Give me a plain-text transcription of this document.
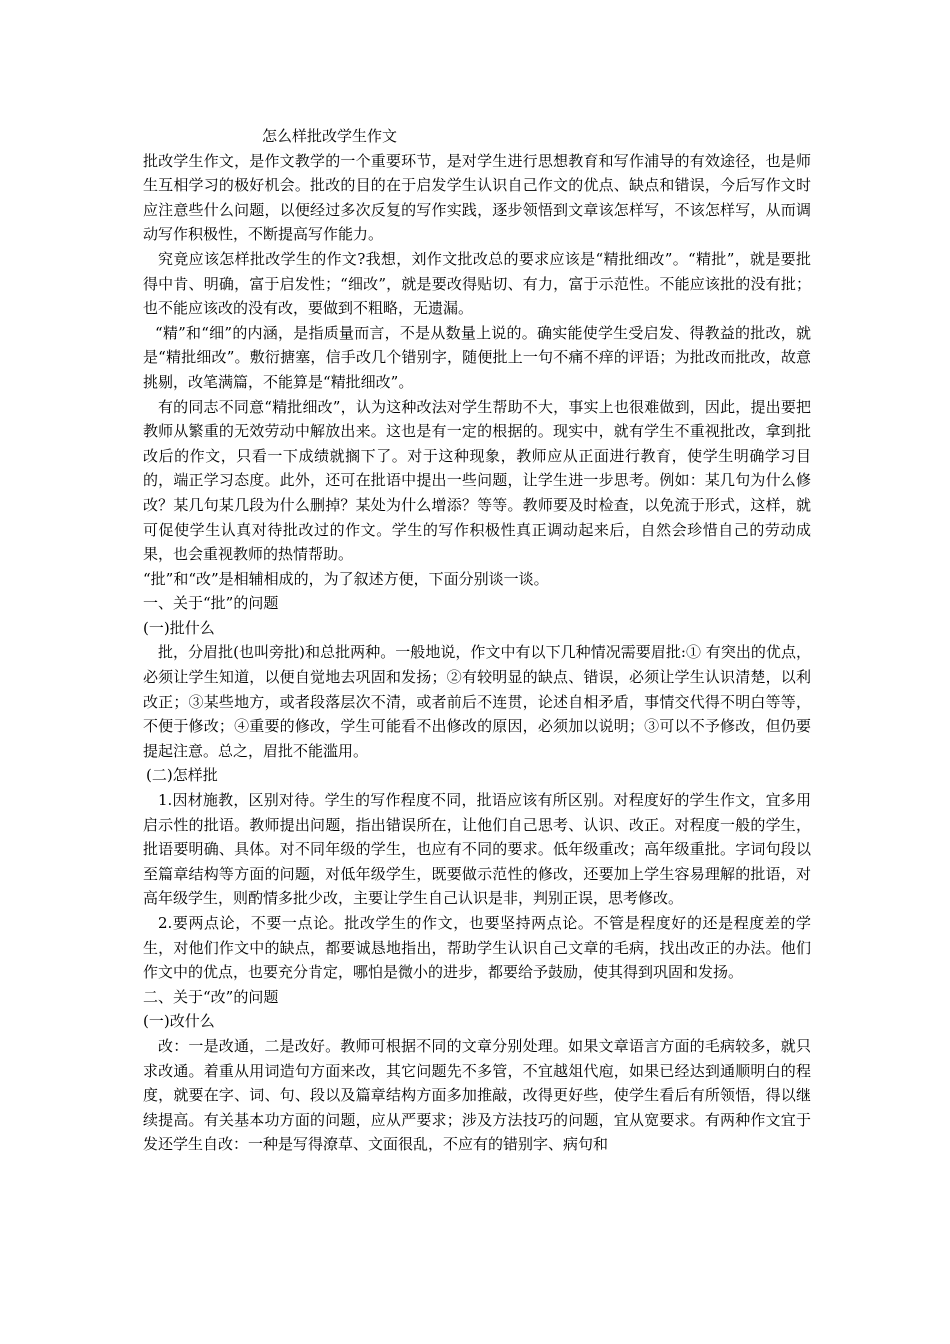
怎么样批改学生作文

批改学生作文，是作文教学的一个重要环节，是对学生进行思想教育和写作浦导的有效途径，也是师生互相学习的极好机会。批改的目的在于启发学生认识自己作文的优点、缺点和错误，今后写作文时应注意些什么问题，以便经过多次反复的写作实践，逐步领悟到文章该怎样写，不该怎样写，从而调动写作积极性，不断提高写作能力。

究竟应该怎样批改学生的作文?我想，刘作文批改总的要求应该是“精批细改”。“精批”，就是要批得中肯、明确，富于启发性；“细改”，就是要改得贴切、有力，富于示范性。不能应该批的没有批；也不能应该改的没有改，要做到不粗略，无遗漏。

“精”和“细”的内涵，是指质量而言，不是从数量上说的。确实能使学生受启发、得教益的批改，就是“精批细改”。敷衍搪塞，信手改几个错别字，随便批上一句不痛不痒的评语；为批改而批改，故意挑剔，改笔满篇，不能算是“精批细改”。

有的同志不同意“精批细改”，认为这种改法对学生帮助不大，事实上也很难做到，因此，提出要把教师从繁重的无效劳动中解放出来。这也是有一定的根据的。现实中，就有学生不重视批改，拿到批改后的作文，只看一下成绩就搁下了。对于这种现象，教师应从正面进行教育，使学生明确学习目的，端正学习态度。此外，还可在批语中提出一些问题，让学生进一步思考。例如：某几句为什么修改？某几句某几段为什么删掉？某处为什么增添？等等。教师要及时检查，以免流于形式，这样，就可促使学生认真对待批改过的作文。学生的写作积极性真正调动起来后，自然会珍惜自己的劳动成果，也会重视教师的热情帮助。

“批”和“改”是相辅相成的，为了叙述方便，下面分别谈一谈。

一、关于“批”的问题

(一)批什么

批，分眉批(也叫旁批)和总批两种。一般地说，作文中有以下几种情况需要眉批:① 有突出的优点，必须让学生知道，以便自觉地去巩固和发扬；②有较明显的缺点、错误，必须让学生认识清楚，以利改正；③某些地方，或者段落层次不清，或者前后不连贯，论述自相矛盾，事情交代得不明白等等，不便于修改；④重要的修改，学生可能看不出修改的原因，必须加以说明；③可以不予修改，但仍要提起注意。总之，眉批不能滥用。

(二)怎样批

1.因材施教，区别对待。学生的写作程度不同，批语应该有所区别。对程度好的学生作文，宜多用启示性的批语。教师提出问题，指出错误所在，让他们自己思考、认识、改正。对程度一般的学生，批语要明确、具体。对不同年级的学生，也应有不同的要求。低年级重改；高年级重批。字词句段以至篇章结构等方面的问题，对低年级学生，既要做示范性的修改，还要加上学生容易理解的批语，对高年级学生，则酌情多批少改，主要让学生自己认识是非，判别正误，思考修改。

2.要两点论，不要一点论。批改学生的作文，也要坚持两点论。不管是程度好的还是程度差的学生，对他们作文中的缺点，都要诚恳地指出，帮助学生认识自己文章的毛病，找出改正的办法。他们作文中的优点，也要充分肯定，哪怕是微小的进步，都要给予鼓励，使其得到巩固和发扬。

二、关于“改”的问题

(一)改什么

改：一是改通，二是改好。教师可根据不同的文章分别处理。如果文章语言方面的毛病较多，就只求改通。着重从用词造句方面来改，其它问题先不多管，不宜越俎代庖，如果已经达到通顺明白的程度，就要在字、词、句、段以及篇章结构方面多加推敲，改得更好些，使学生看后有所领悟，得以继续提高。有关基本功方面的问题，应从严要求；涉及方法技巧的问题，宜从宽要求。有两种作文宜于发还学生自改：一种是写得潦草、文面很乱，不应有的错别字、病句和
